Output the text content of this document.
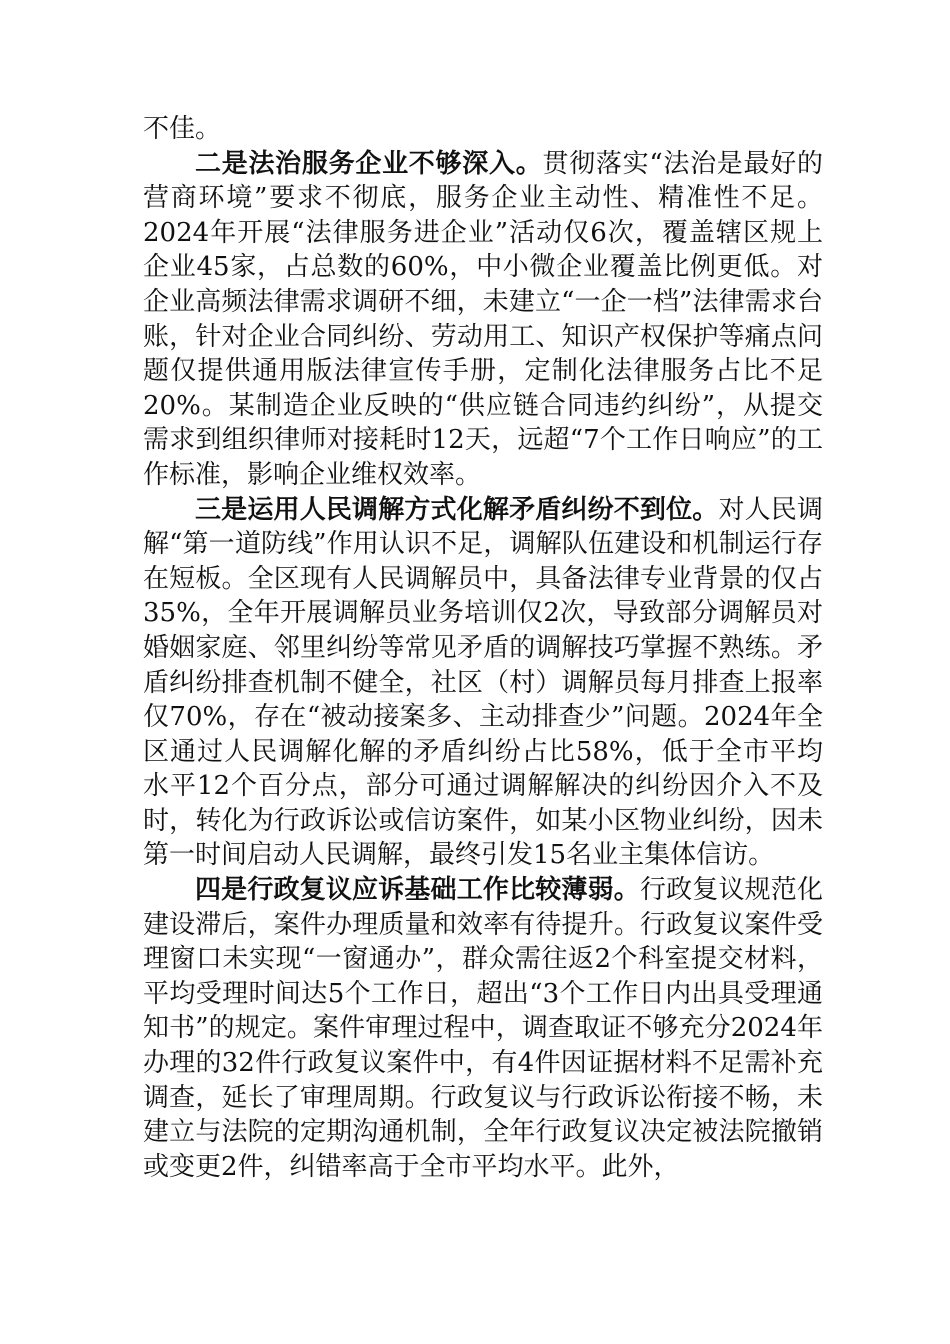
不佳。

二是法治服务企业不够深入。贯彻落实“法治是最好的营商环境”要求不彻底，服务企业主动性、精准性不足。2024年开展“法律服务进企业”活动仅6次，覆盖辖区规上企业45家，占总数的60%，中小微企业覆盖比例更低。对企业高频法律需求调研不细，未建立“一企一档”法律需求台账，针对企业合同纠纷、劳动用工、知识产权保护等痛点问题仅提供通用版法律宣传手册，定制化法律服务占比不足20%。某制造企业反映的“供应链合同违约纠纷”，从提交需求到组织律师对接耗时12天，远超“7个工作日响应”的工作标准，影响企业维权效率。

三是运用人民调解方式化解矛盾纠纷不到位。对人民调解“第一道防线”作用认识不足，调解队伍建设和机制运行存在短板。全区现有人民调解员中，具备法律专业背景的仅占35%，全年开展调解员业务培训仅2次，导致部分调解员对婚姻家庭、邻里纠纷等常见矛盾的调解技巧掌握不熟练。矛盾纠纷排查机制不健全，社区（村）调解员每月排查上报率仅70%，存在“被动接案多、主动排查少”问题。2024年全区通过人民调解化解的矛盾纠纷占比58%，低于全市平均水平12个百分点，部分可通过调解解决的纠纷因介入不及时，转化为行政诉讼或信访案件，如某小区物业纠纷，因未第一时间启动人民调解，最终引发15名业主集体信访。

四是行政复议应诉基础工作比较薄弱。行政复议规范化建设滞后，案件办理质量和效率有待提升。行政复议案件受理窗口未实现“一窗通办”，群众需往返2个科室提交材料，平均受理时间达5个工作日，超出“3个工作日内出具受理通知书”的规定。案件审理过程中，调查取证不够充分2024年办理的32件行政复议案件中，有4件因证据材料不足需补充调查，延长了审理周期。行政复议与行政诉讼衔接不畅，未建立与法院的定期沟通机制，全年行政复议决定被法院撤销或变更2件，纠错率高于全市平均水平。此外，
